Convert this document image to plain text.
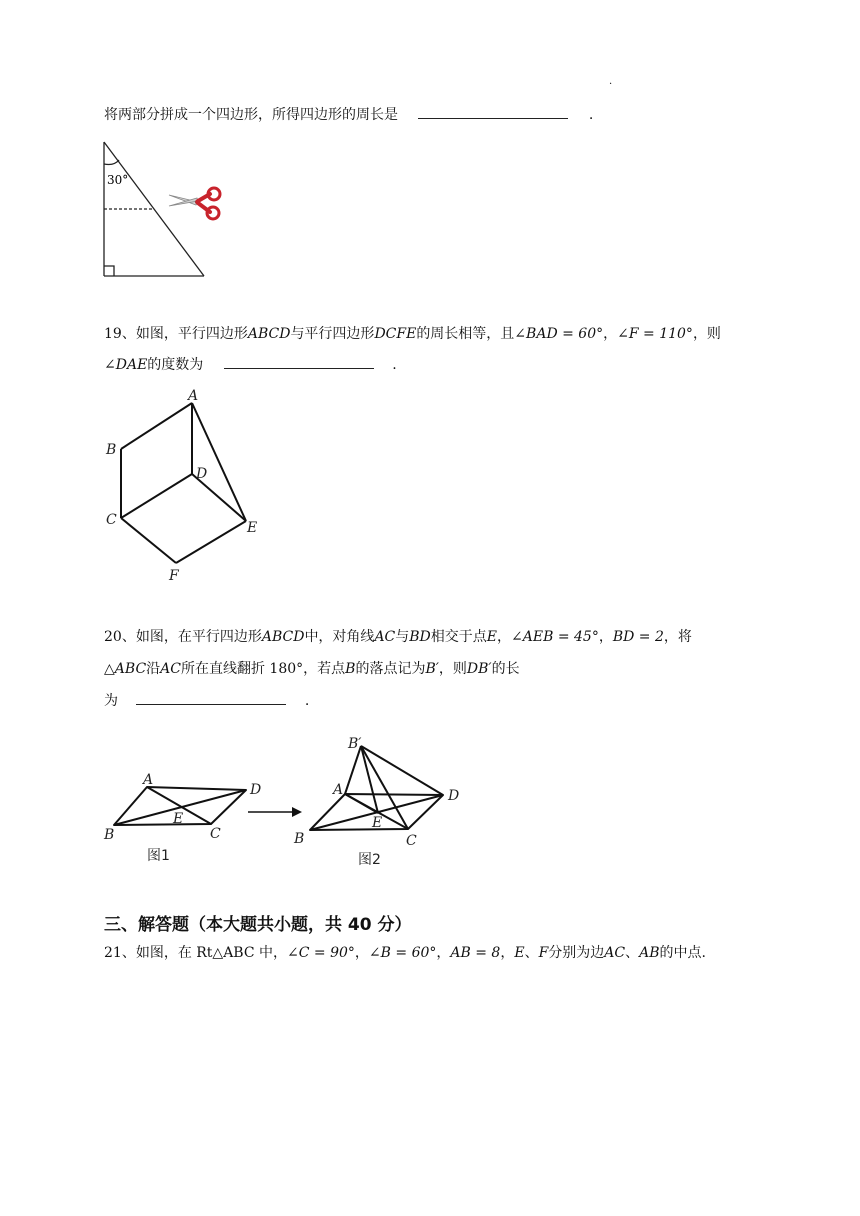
.
将两部分拼成一个四边形，所得四边形的周长是	.
30°
19、如图，平行四边形ABCD与平行四边形DCFE的周长相等，且∠BAD = 60°，∠F = 110°，则
∠DAE的度数为	.
A
B
C
D
E
F
20、如图，在平行四边形ABCD中，对角线AC与BD相交于点E，∠AEB = 45°，BD = 2，将
△ABC沿AC所在直线翻折 180°，若点B的落点记为B′，则DB′的长
为	.
A
D
E
B	C
图1
B′
A	D
E
B	C
图2
三、解答题（本大题共小题，共 40 分）
21、如图，在 Rt△ABC 中，∠C = 90°，∠B = 60°，AB = 8，E、F分别为边AC、AB的中点.
